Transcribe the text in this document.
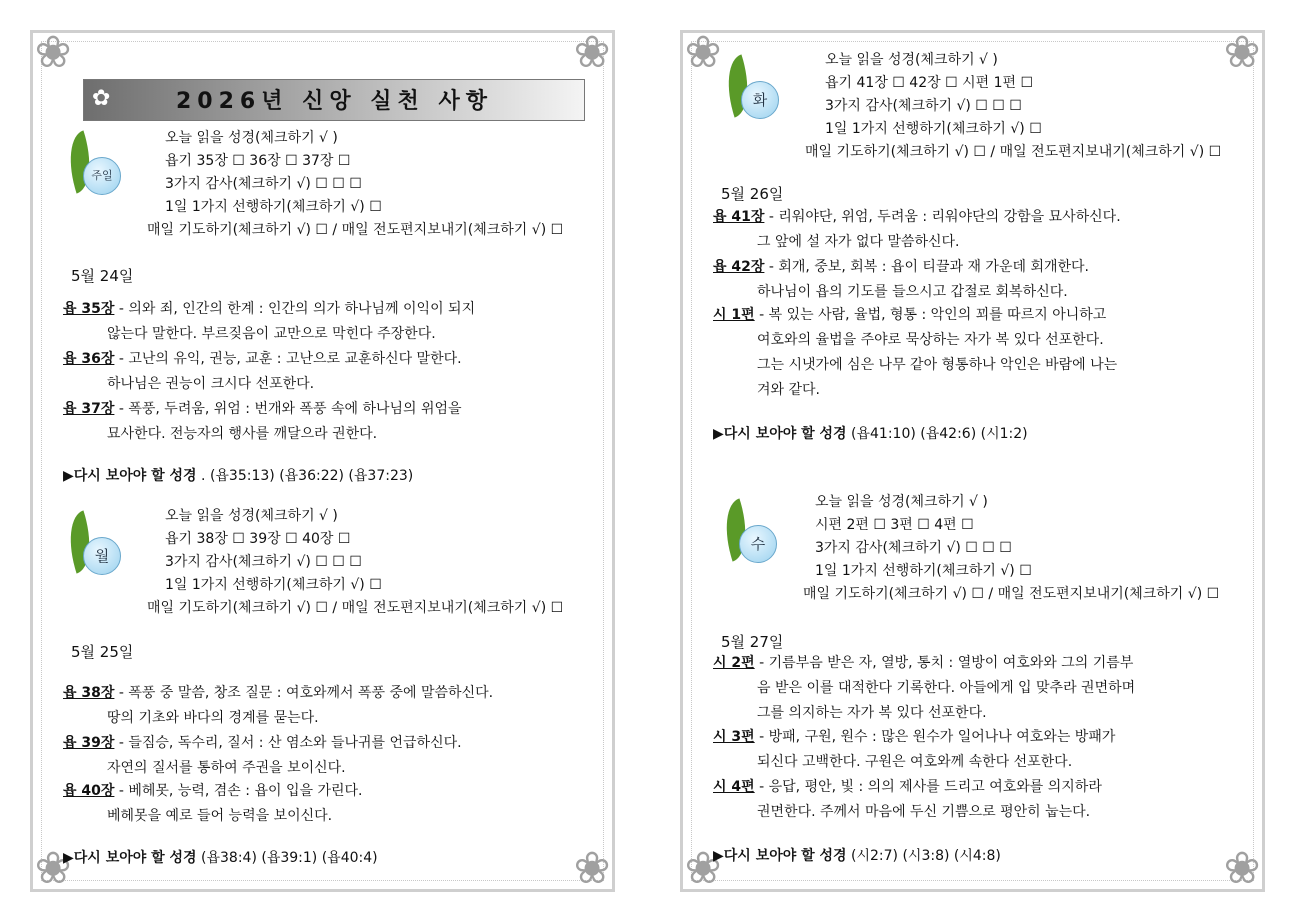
❀	❀
❀	❀
✿	2026년 신앙 실천 사항
주일
오늘 읽을 성경(체크하기 √ )
욥기 35장 ☐ 36장 ☐ 37장 ☐
3가지 감사(체크하기 √) ☐ ☐ ☐
1일 1가지 선행하기(체크하기 √) ☐
매일 기도하기(체크하기 √) ☐ / 매일 전도편지보내기(체크하기 √) ☐
5월 24일
욥 35장 - 의와 죄, 인간의 한계 : 인간의 의가 하나님께 이익이 되지
않는다 말한다. 부르짖음이 교만으로 막힌다 주장한다.
욥 36장 - 고난의 유익, 권능, 교훈 : 고난으로 교훈하신다 말한다.
하나님은 권능이 크시다 선포한다.
욥 37장 - 폭풍, 두려움, 위엄 : 번개와 폭풍 속에 하나님의 위엄을
묘사한다. 전능자의 행사를 깨달으라 권한다.
▶다시 보아야 할 성경 . (욥35:13) (욥36:22) (욥37:23)
월
오늘 읽을 성경(체크하기 √ )
욥기 38장 ☐ 39장 ☐ 40장 ☐
3가지 감사(체크하기 √) ☐ ☐ ☐
1일 1가지 선행하기(체크하기 √) ☐
매일 기도하기(체크하기 √) ☐ / 매일 전도편지보내기(체크하기 √) ☐
5월 25일
욥 38장 - 폭풍 중 말씀, 창조 질문 : 여호와께서 폭풍 중에 말씀하신다.
땅의 기초와 바다의 경계를 묻는다.
욥 39장 - 들짐승, 독수리, 질서 : 산 염소와 들나귀를 언급하신다.
자연의 질서를 통하여 주권을 보이신다.
욥 40장 - 베헤못, 능력, 겸손 : 욥이 입을 가린다.
베헤못을 예로 들어 능력을 보이신다.
▶다시 보아야 할 성경 (욥38:4) (욥39:1) (욥40:4)
❀	❀
❀	❀
화
오늘 읽을 성경(체크하기 √ )
욥기 41장 ☐ 42장 ☐ 시편 1편 ☐
3가지 감사(체크하기 √) ☐ ☐ ☐
1일 1가지 선행하기(체크하기 √) ☐
매일 기도하기(체크하기 √) ☐ / 매일 전도편지보내기(체크하기 √) ☐
5월 26일
욥 41장 - 리워야단, 위엄, 두려움 : 리워야단의 강함을 묘사하신다.
그 앞에 설 자가 없다 말씀하신다.
욥 42장 - 회개, 중보, 회복 : 욥이 티끌과 재 가운데 회개한다.
하나님이 욥의 기도를 들으시고 갑절로 회복하신다.
시 1편 - 복 있는 사람, 율법, 형통 : 악인의 꾀를 따르지 아니하고
여호와의 율법을 주야로 묵상하는 자가 복 있다 선포한다.
그는 시냇가에 심은 나무 같아 형통하나 악인은 바람에 나는
겨와 같다.
▶다시 보아야 할 성경 (욥41:10) (욥42:6) (시1:2)
수
오늘 읽을 성경(체크하기 √ )
시편 2편 ☐ 3편 ☐ 4편 ☐
3가지 감사(체크하기 √) ☐ ☐ ☐
1일 1가지 선행하기(체크하기 √) ☐
매일 기도하기(체크하기 √) ☐ / 매일 전도편지보내기(체크하기 √) ☐
5월 27일
시 2편 - 기름부음 받은 자, 열방, 통치 : 열방이 여호와와 그의 기름부
음 받은 이를 대적한다 기록한다. 아들에게 입 맞추라 권면하며
그를 의지하는 자가 복 있다 선포한다.
시 3편 - 방패, 구원, 원수 : 많은 원수가 일어나나 여호와는 방패가
되신다 고백한다. 구원은 여호와께 속한다 선포한다.
시 4편 - 응답, 평안, 빛 : 의의 제사를 드리고 여호와를 의지하라
권면한다. 주께서 마음에 두신 기쁨으로 평안히 눕는다.
▶다시 보아야 할 성경 (시2:7) (시3:8) (시4:8)
